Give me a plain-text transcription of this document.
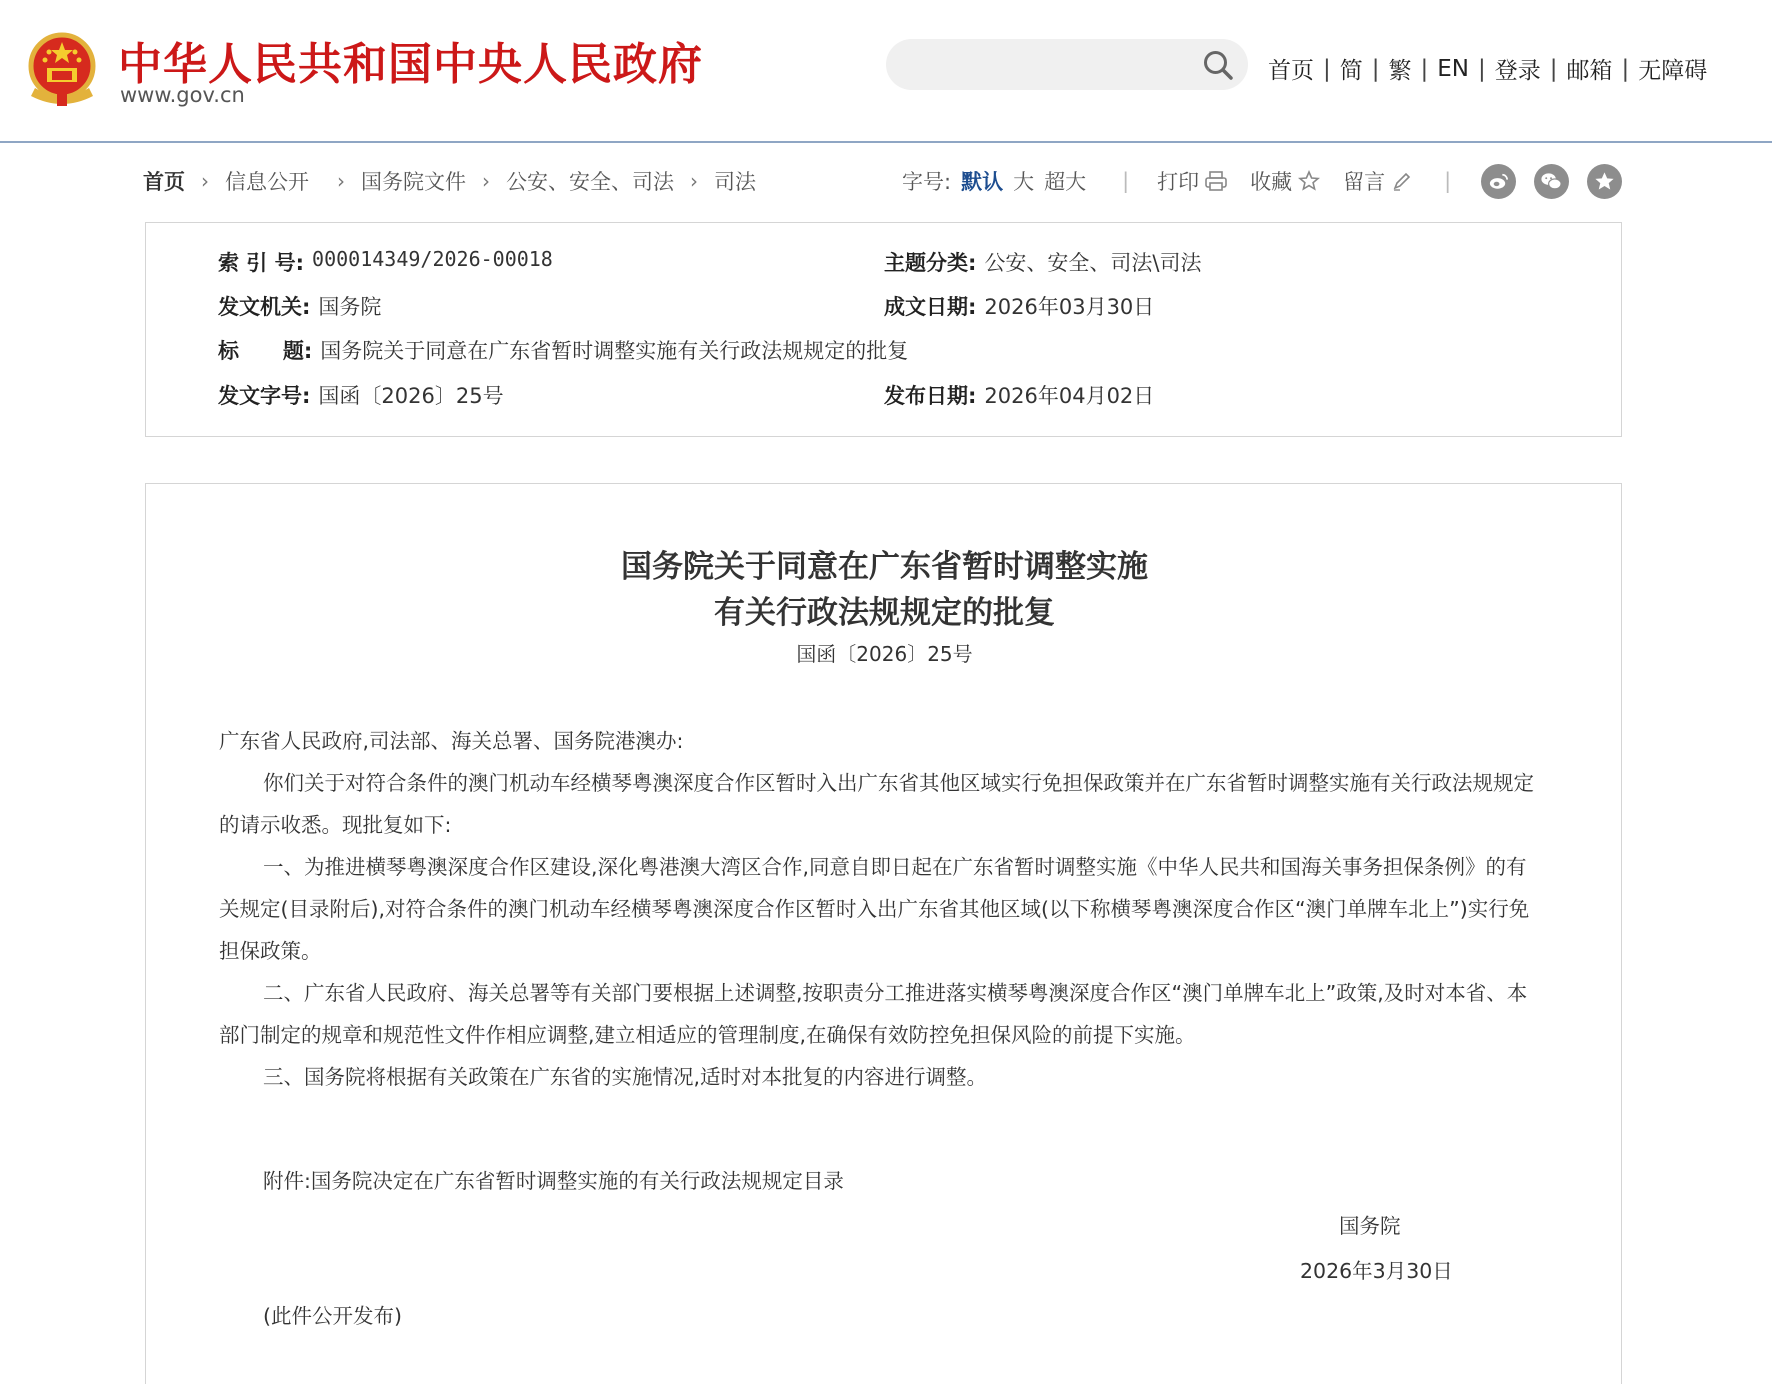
中华人民共和国中央人民政府
www.gov.cn
首页 | 简 | 繁 | EN | 登录 | 邮箱 | 无障碍
首页 › 信息公开 › 国务院文件 › 公安、安全、司法 › 司法	字号: 默认 大 超大 | 打印 收藏 留言	|
索 引 号: 000014349/2026-00018	主题分类: 公安、安全、司法\司法
发文机关: 国务院	成文日期: 2026年03月30日
标      题: 国务院关于同意在广东省暂时调整实施有关行政法规规定的批复
发文字号: 国函〔2026〕25号	发布日期: 2026年04月02日
国务院关于同意在广东省暂时调整实施
有关行政法规规定的批复
国函〔2026〕25号

广东省人民政府,司法部、海关总署、国务院港澳办:

你们关于对符合条件的澳门机动车经横琴粤澳深度合作区暂时入出广东省其他区域实行免担保政策并在广东省暂时调整实施有关行政法规规定的请示收悉。现批复如下:

一、为推进横琴粤澳深度合作区建设,深化粤港澳大湾区合作,同意自即日起在广东省暂时调整实施《中华人民共和国海关事务担保条例》的有关规定(目录附后),对符合条件的澳门机动车经横琴粤澳深度合作区暂时入出广东省其他区域(以下称横琴粤澳深度合作区“澳门单牌车北上”)实行免担保政策。

二、广东省人民政府、海关总署等有关部门要根据上述调整,按职责分工推进落实横琴粤澳深度合作区“澳门单牌车北上”政策,及时对本省、本部门制定的规章和规范性文件作相应调整,建立相适应的管理制度,在确保有效防控免担保风险的前提下实施。

三、国务院将根据有关政策在广东省的实施情况,适时对本批复的内容进行调整。

附件:国务院决定在广东省暂时调整实施的有关行政法规规定目录
国务院
2026年3月30日
(此件公开发布)
